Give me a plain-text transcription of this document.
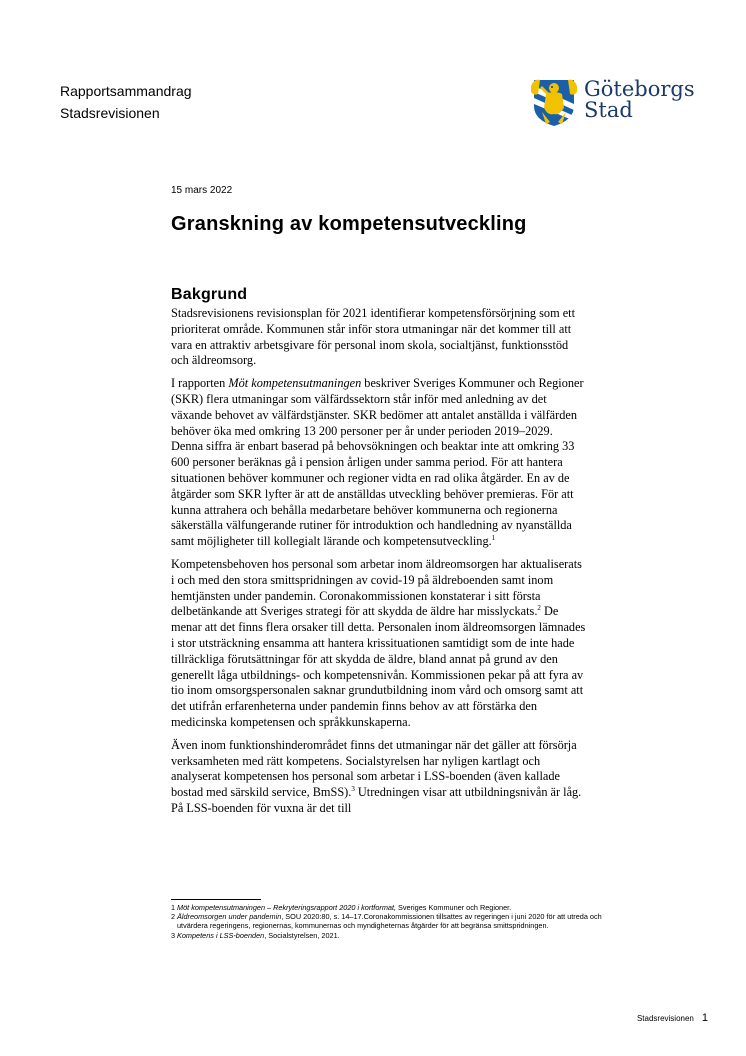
Rapportsammandrag
Stadsrevisionen
Göteborgs
Stad
15 mars 2022
Granskning av kompetensutveckling
Bakgrund

Stadsrevisionens revisionsplan för 2021 identifierar kompetensförsörjning som ett prioriterat område. Kommunen står inför stora utmaningar när det kommer till att vara en attraktiv arbetsgivare för personal inom skola, socialtjänst, funktionsstöd och äldreomsorg.

I rapporten Möt kompetensutmaningen beskriver Sveriges Kommuner och Regioner (SKR) flera utmaningar som välfärdssektorn står inför med anledning av det växande behovet av välfärdstjänster. SKR bedömer att antalet anställda i välfärden behöver öka med omkring 13 200 personer per år under perioden 2019–2029. Denna siffra är enbart baserad på behovsökningen och beaktar inte att omkring 33 600 personer beräknas gå i pension årligen under samma period. För att hantera situationen behöver kommuner och regioner vidta en rad olika åtgärder. En av de åtgärder som SKR lyfter är att de anställdas utveckling behöver premieras. För att kunna attrahera och behålla medarbetare behöver kommunerna och regionerna säkerställa välfungerande rutiner för introduktion och handledning av nyanställda samt möjligheter till kollegialt lärande och kompetensutveckling.$^1$

Kompetensbehoven hos personal som arbetar inom äldreomsorgen har aktualiserats i och med den stora smittspridningen av covid-19 på äldreboenden samt inom hemtjänsten under pandemin. Coronakommissionen konstaterar i sitt första delbetänkande att Sveriges strategi för att skydda de äldre har misslyckats.$^2$ De menar att det finns flera orsaker till detta. Personalen inom äldreomsorgen lämnades i stor utsträckning ensamma att hantera krissituationen samtidigt som de inte hade tillräckliga förutsättningar för att skydda de äldre, bland annat på grund av den generellt låga utbildnings- och kompetensnivån. Kommissionen pekar på att fyra av tio inom omsorgspersonalen saknar grundutbildning inom vård och omsorg samt att det utifrån erfarenheterna under pandemin finns behov av att förstärka den medicinska kompetensen och språkkunskaperna.

Även inom funktionshinderområdet finns det utmaningar när det gäller att försörja verksamheten med rätt kompetens. Socialstyrelsen har nyligen kartlagt och analyserat kompetensen hos personal som arbetar i LSS-boenden (även kallade bostad med särskild service, BmSS).$^3$ Utredningen visar att utbildningsnivån är låg. På LSS-boenden för vuxna är det till

1 Möt kompetensutmaningen – Rekryteringsrapport 2020 i kortformat, Sveriges Kommuner och Regioner.
2 Äldreomsorgen under pandemin, SOU 2020:80, s. 14–17.Coronakommissionen tillsattes av regeringen i juni 2020 för att utreda och utvärdera regeringens, regionernas, kommunernas och myndigheternas åtgärder för att begränsa smittspridningen.
3 Kompetens i LSS-boenden, Socialstyrelsen, 2021.
Stadsrevisionen 1
